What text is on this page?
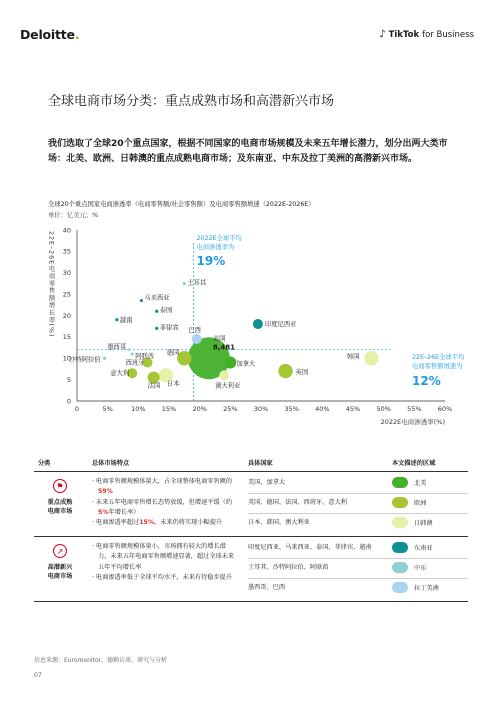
Deloitte.	♪ TikTok for Business
全球电商市场分类：重点成熟市场和高潜新兴市场
我们选取了全球20个重点国家，根据不同国家的电商市场规模及未来五年增长潜力，划分出两大类市场：北美、欧洲、日韩澳的重点成熟电商市场；及东南亚、中东及拉丁美洲的高潜新兴市场。
全球20个重点国家电商渗透率（电商零售额/社会零售额）及电商零售额增速（2022E-2026E）
单位：亿美元；%
0	5%	10% 15% 20% 25% 30% 35% 40% 45% 50% 55% 60%
0
5
10
15
20
25
30
35
40
2022E电商渗透率(%)
22E–26E电商零售额增长率(%)	2022E全球平均
电商渗透率为
19%
22E–26E全球平均
电商零售额增速为
12%
土耳其
马来西亚
泰国
越南
菲律宾 巴西
印度尼西亚
墨西哥
阿联酋
沙特阿拉伯	西班牙
德国
美国
8,481
加拿大
意大利
法国 日本	澳大利亚
英国
韩国
分类	总体市场特点	具体国家	本文描述的区域
⚑
重点成熟
电商市场
· 电商零售额规模体量大，占全球整体电商零售额的59%
· 未来五年电商零售增长态势放缓，但增速平缓（约5%年增长率）
· 电商渗透率超过15%，未来仍将实现小幅提升
美国、加拿大	北美
英国、德国、法国、西班牙、意大利	欧洲
日本、韩国、澳大利亚	日韩澳
↗
高潜新兴
电商市场
· 电商零售额规模体量小，市场拥有较大的增长潜力，未来五年电商零售额增速显著，超过全球未来五年平均增长率
· 电商渗透率低于全球平均水平，未来有待稳步提升
印度尼西亚、马来西亚、泰国、菲律宾、越南	东南亚
土耳其、沙特阿拉伯、阿联酋	中东
墨西哥、巴西	拉丁美洲
信息来源：Euromonitor，德勤访谈、研究与分析
07
